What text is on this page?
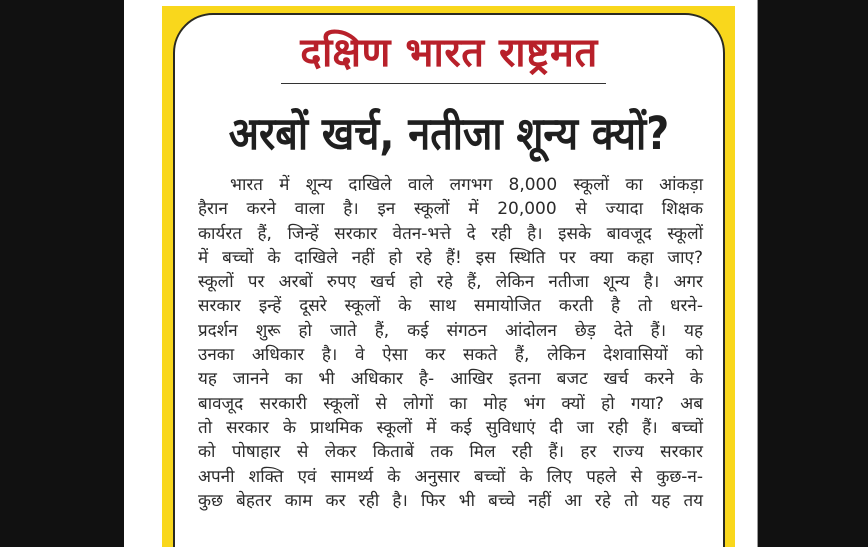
दक्षिण भारत राष्ट्रमत
अरबों खर्च, नतीजा शून्य क्यों?
भारत में शून्य दाखिले वाले लगभग 8,000 स्कूलों का आंकड़ा
हैरान करने वाला है। इन स्कूलों में 20,000 से ज्यादा शिक्षक
कार्यरत हैं, जिन्हें सरकार वेतन-भत्ते दे रही है। इसके बावजूद स्कूलों
में बच्चों के दाखिले नहीं हो रहे हैं! इस स्थिति पर क्या कहा जाए?
स्कूलों पर अरबों रुपए खर्च हो रहे हैं, लेकिन नतीजा शून्य है। अगर
सरकार इन्हें दूसरे स्कूलों के साथ समायोजित करती है तो धरने-
प्रदर्शन शुरू हो जाते हैं, कई संगठन आंदोलन छेड़ देते हैं। यह
उनका अधिकार है। वे ऐसा कर सकते हैं, लेकिन देशवासियों को
यह जानने का भी अधिकार है- आखिर इतना बजट खर्च करने के
बावजूद सरकारी स्कूलों से लोगों का मोह भंग क्यों हो गया? अब
तो सरकार के प्राथमिक स्कूलों में कई सुविधाएं दी जा रही हैं। बच्चों
को पोषाहार से लेकर किताबें तक मिल रही हैं। हर राज्य सरकार
अपनी शक्ति एवं सामर्थ्य के अनुसार बच्चों के लिए पहले से कुछ-न-
कुछ बेहतर काम कर रही है। फिर भी बच्चे नहीं आ रहे तो यह तय
